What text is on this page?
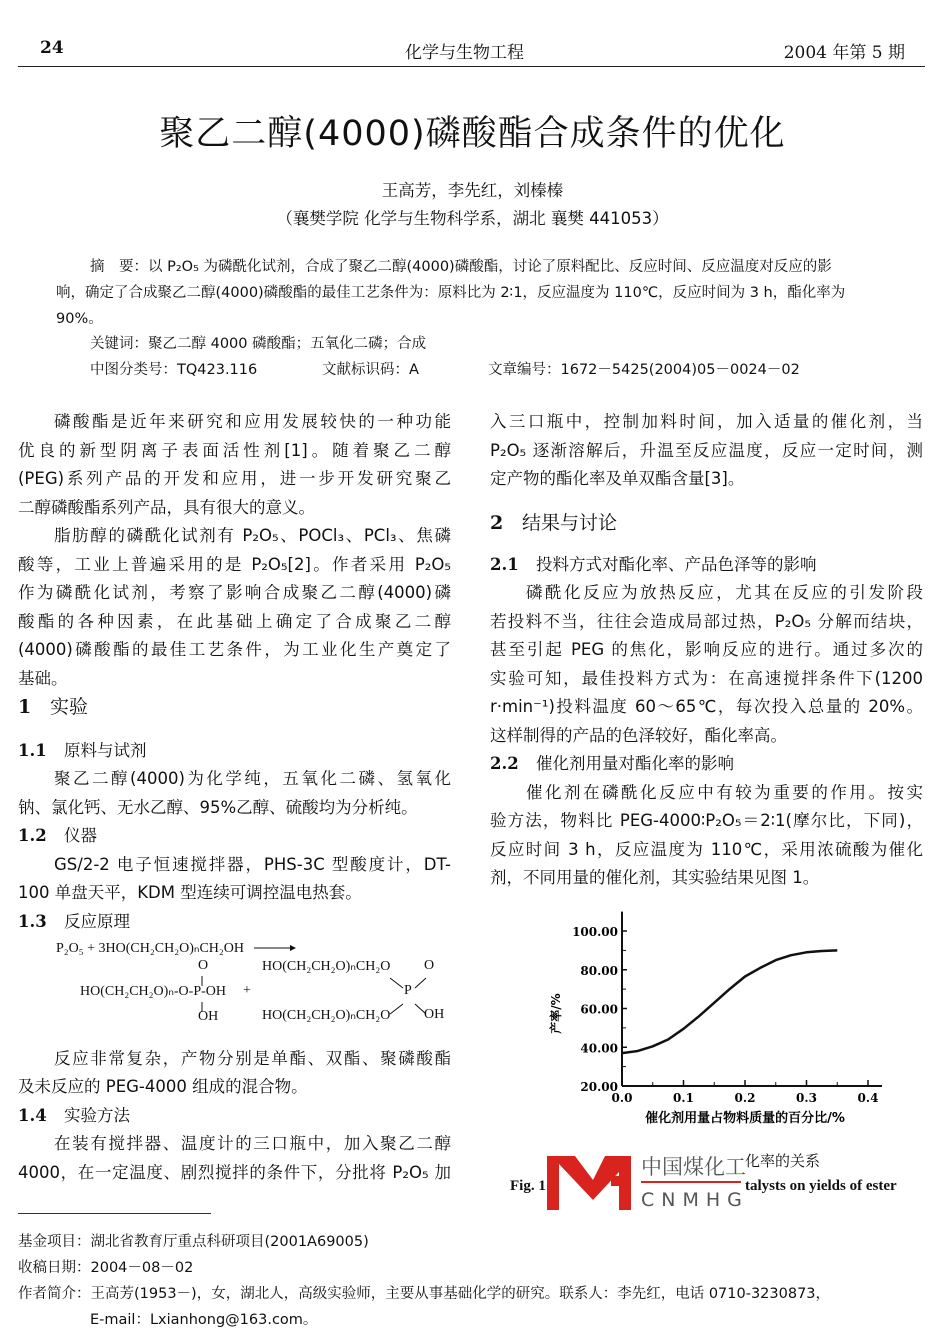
24	化学与生物工程	2004 年第 5 期
聚乙二醇(4000)磷酸酯合成条件的优化
王高芳，李先红，刘榛榛
（襄樊学院 化学与生物科学系，湖北 襄樊 441053）
摘　要：以 P₂O₅ 为磷酰化试剂，合成了聚乙二醇(4000)磷酸酯，讨论了原料配比、反应时间、反应温度对反应的影
响，确定了合成聚乙二醇(4000)磷酸酯的最佳工艺条件为：原料比为 2∶1，反应温度为 110℃，反应时间为 3 h，酯化率为
90%。
关键词：聚乙二醇 4000 磷酸酯；五氧化二磷；合成
中图分类号：TQ423.116	文献标识码：A	文章编号：1672－5425(2004)05－0024－02
磷酸酯是近年来研究和应用发展较快的一种功能
优良的新型阴离子表面活性剂[1]。随着聚乙二醇
(PEG)系列产品的开发和应用，进一步开发研究聚乙
二醇磷酸酯系列产品，具有很大的意义。
脂肪醇的磷酰化试剂有 P₂O₅、POCl₃、PCl₃、焦磷
酸等，工业上普遍采用的是 P₂O₅[2]。作者采用 P₂O₅
作为磷酰化试剂，考察了影响合成聚乙二醇(4000)磷
酸酯的各种因素，在此基础上确定了合成聚乙二醇
(4000)磷酸酯的最佳工艺条件，为工业化生产奠定了
基础。
1 实验
1.1 原料与试剂
聚乙二醇(4000)为化学纯，五氧化二磷、氢氧化
钠、氯化钙、无水乙醇、95%乙醇、硫酸均为分析纯。
1.2 仪器
GS/2-2 电子恒速搅拌器，PHS-3C 型酸度计，DT-
100 单盘天平，KDM 型连续可调控温电热套。
1.3 反应原理
P₂O₅ + 3HO(CH₂CH₂O)ₙCH₂OH
O
HO(CH₂CH₂O)ₙ-O-P-OH +
OH
HO(CH₂CH₂O)ₙCH₂O O
P
HO(CH₂CH₂O)ₙCH₂O OH
反应非常复杂，产物分别是单酯、双酯、聚磷酸酯
及未反应的 PEG-4000 组成的混合物。
1.4 实验方法
在装有搅拌器、温度计的三口瓶中，加入聚乙二醇
4000，在一定温度、剧烈搅拌的条件下，分批将 P₂O₅ 加
入三口瓶中，控制加料时间，加入适量的催化剂，当
P₂O₅ 逐渐溶解后，升温至反应温度，反应一定时间，测
定产物的酯化率及单双酯含量[3]。
2 结果与讨论
2.1 投料方式对酯化率、产品色泽等的影响
磷酰化反应为放热反应，尤其在反应的引发阶段
若投料不当，往往会造成局部过热，P₂O₅ 分解而结块，
甚至引起 PEG 的焦化，影响反应的进行。通过多次的
实验可知，最佳投料方式为：在高速搅拌条件下(1200
r·min⁻¹)投料温度 60～65℃，每次投入总量的 20%。
这样制得的产品的色泽较好，酯化率高。
2.2 催化剂用量对酯化率的影响
催化剂在磷酰化反应中有较为重要的作用。按实
验方法，物料比 PEG-4000∶P₂O₅＝2∶1(摩尔比，下同)，
反应时间 3 h，反应温度为 110℃，采用浓硫酸为催化
剂，不同用量的催化剂，其实验结果见图 1。
20.00
40.00
60.00
80.00
100.00
0.0	0.1	0.2	0.3	0.4
催化剂用量占物料质量的百分比/%
产率/%
中国煤化工
CNMHG
化率的关系
Fig. 1	talysts on yields of ester
基金项目：湖北省教育厅重点科研项目(2001A69005)
收稿日期：2004－08－02
作者简介：王高芳(1953－)，女，湖北人，高级实验师，主要从事基础化学的研究。联系人：李先红，电话 0710-3230873，
E-mail：Lxianhong@163.com。
